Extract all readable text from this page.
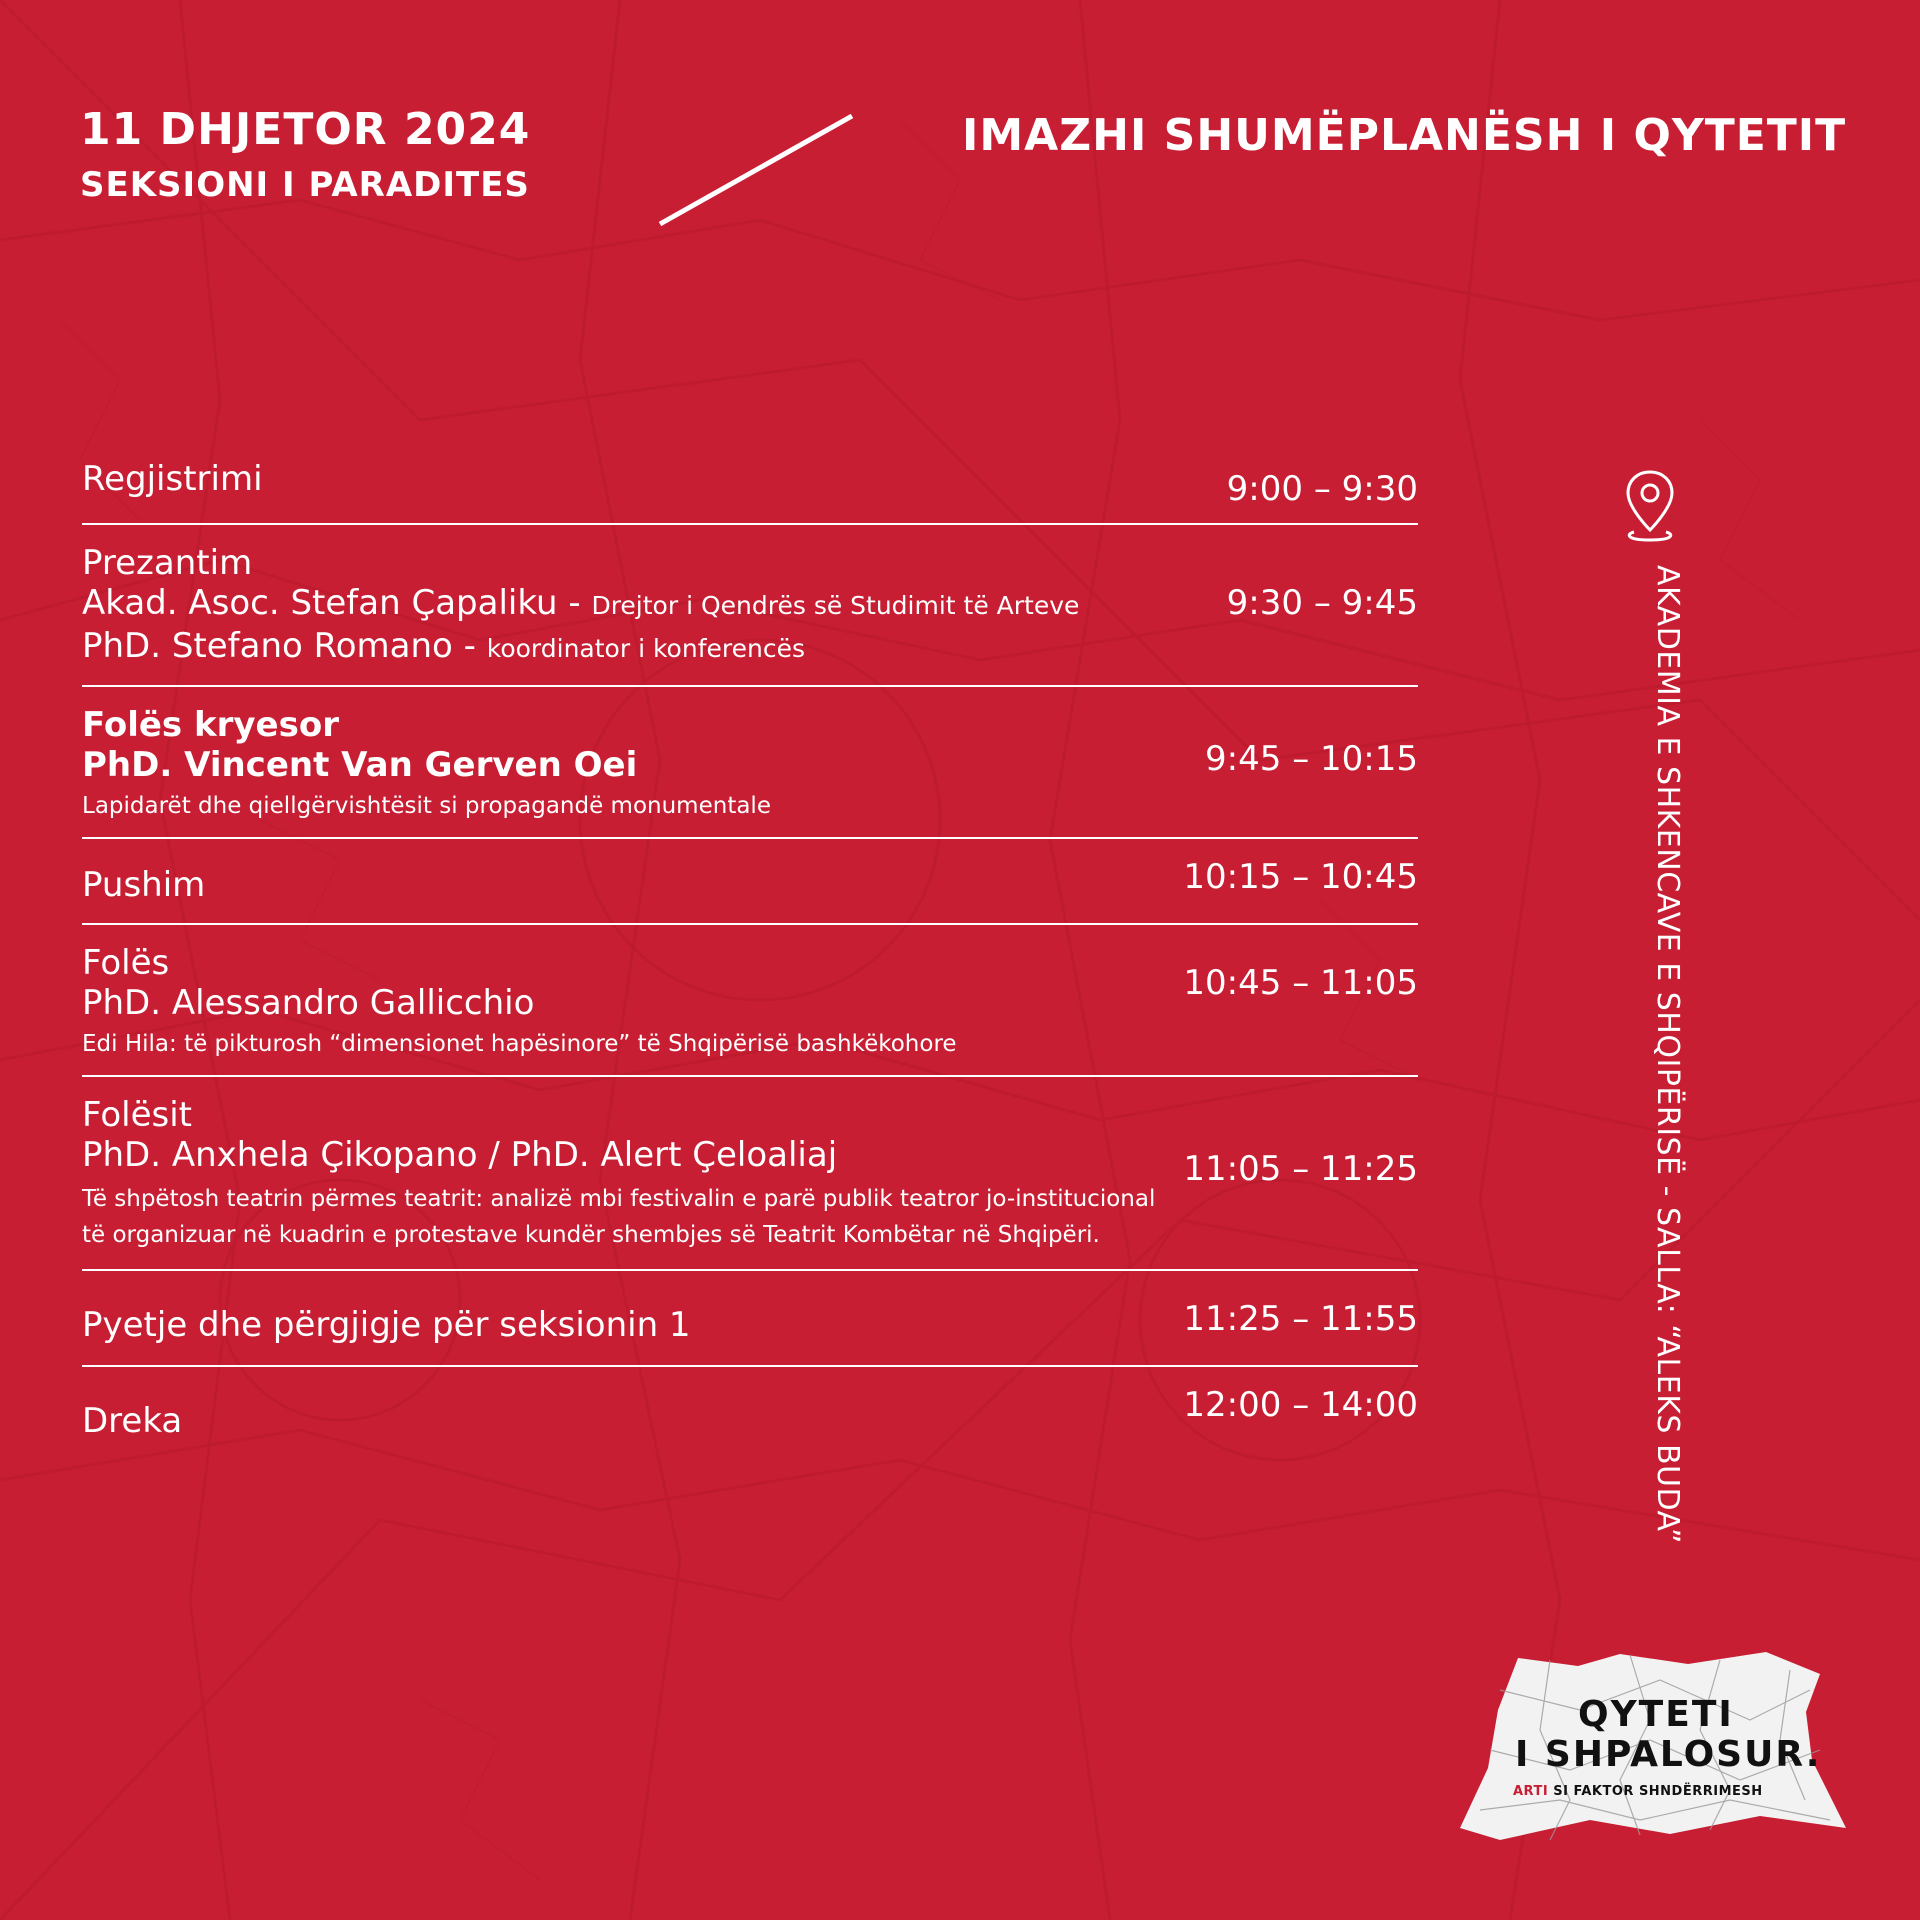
11 DHJETOR 2024
SEKSIONI I PARADITES
IMAZHI SHUMËPLANËSH I QYTETIT
Regjistrimi	9:00 – 9:30
Prezantim
Akad. Asoc. Stefan Çapaliku - Drejtor i Qendrës së Studimit të Arteve
PhD. Stefano Romano - koordinator i konferencës
9:30 – 9:45
Folës kryesor
PhD. Vincent Van Gerven Oei
Lapidarët dhe qiellgërvishtësit si propagandë monumentale
9:45 – 10:15
Pushim	10:15 – 10:45
Folës
PhD. Alessandro Gallicchio
Edi Hila: të pikturosh “dimensionet hapësinore” të Shqipërisë bashkëkohore
10:45 – 11:05
Folësit
PhD. Anxhela Çikopano / PhD. Alert Çeloaliaj
Të shpëtosh teatrin përmes teatrit: analizë mbi festivalin e parë publik teatror jo-institucional
të organizuar në kuadrin e protestave kundër shembjes së Teatrit Kombëtar në Shqipëri.
11:05 – 11:25
Pyetje dhe përgjigje për seksionin 1	11:25 – 11:55
Dreka	12:00 – 14:00	AKADEMIA E SHKENCAVE E SHQIPËRISË - SALLA: “ALEKS BUDA”
QYTETI
I SHPALOSUR.
ARTI SI FAKTOR SHNDËRRIMESH
